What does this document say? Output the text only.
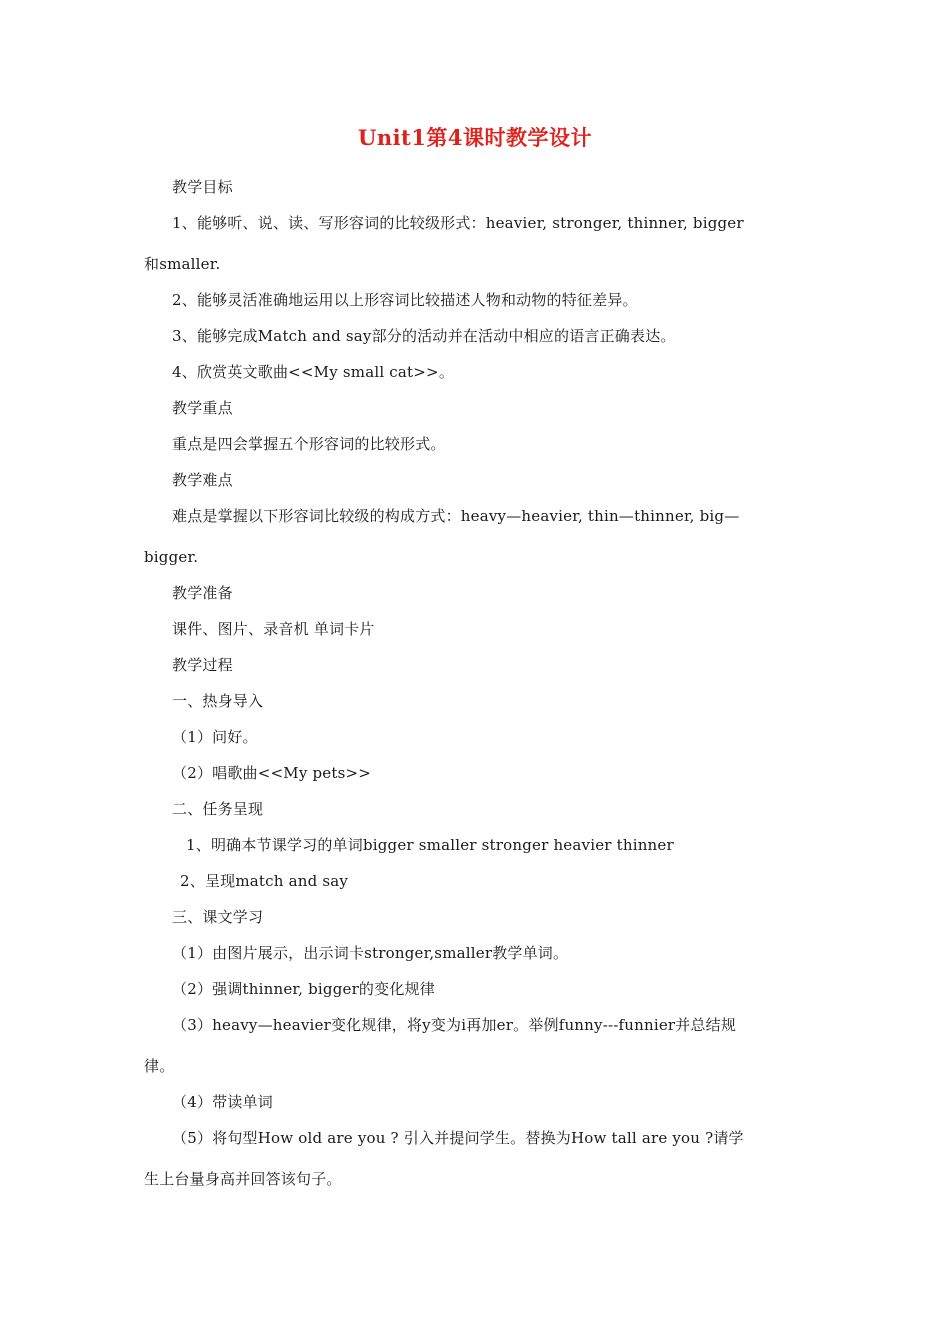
Unit1第4课时教学设计
教学目标
1、能够听、说、读、写形容词的比较级形式：heavier, stronger, thinner, bigger
和smaller.
2、能够灵活准确地运用以上形容词比较描述人物和动物的特征差异。
3、能够完成Match and say部分的活动并在活动中相应的语言正确表达。
4、欣赏英文歌曲<<My small cat>>。
教学重点
重点是四会掌握五个形容词的比较形式。
教学难点
难点是掌握以下形容词比较级的构成方式：heavy—heavier, thin—thinner, big—
bigger.
教学准备
课件、图片、录音机 单词卡片
教学过程
一、热身导入
（1）问好。
（2）唱歌曲<<My pets>>
二、任务呈现
1、明确本节课学习的单词bigger smaller stronger heavier thinner
2、呈现match and say
三、课文学习
（1）由图片展示，出示词卡stronger,smaller教学单词。
（2）强调thinner, bigger的变化规律
（3）heavy—heavier变化规律，将y变为i再加er。举例funny---funnier并总结规
律。
（4）带读单词
（5）将句型How old are you ? 引入并提问学生。替换为How tall are you ?请学
生上台量身高并回答该句子。
